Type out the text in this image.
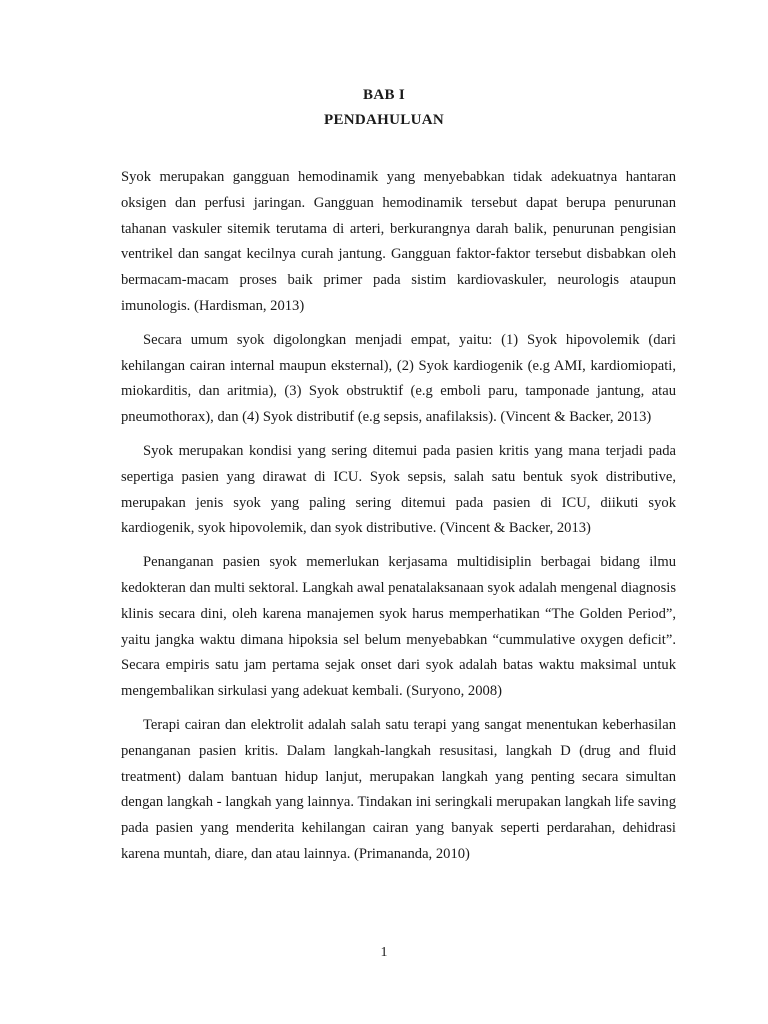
BAB I
PENDAHULUAN

Syok merupakan gangguan hemodinamik yang menyebabkan tidak adekuatnya hantaran oksigen dan perfusi jaringan. Gangguan hemodinamik tersebut dapat berupa penurunan tahanan vaskuler sitemik terutama di arteri, berkurangnya darah balik, penurunan pengisian ventrikel dan sangat kecilnya curah jantung. Gangguan faktor-faktor tersebut disbabkan oleh bermacam-macam proses baik primer pada sistim kardiovaskuler, neurologis ataupun imunologis. (Hardisman, 2013)

Secara umum syok digolongkan menjadi empat, yaitu: (1) Syok hipovolemik (dari kehilangan cairan internal maupun eksternal), (2) Syok kardiogenik (e.g AMI, kardiomiopati, miokarditis, dan aritmia), (3) Syok obstruktif (e.g emboli paru, tamponade jantung, atau pneumothorax), dan (4) Syok distributif (e.g sepsis, anafilaksis). (Vincent & Backer, 2013)

Syok merupakan kondisi yang sering ditemui pada pasien kritis yang mana terjadi pada sepertiga pasien yang dirawat di ICU. Syok sepsis, salah satu bentuk syok distributive, merupakan jenis syok yang paling sering ditemui pada pasien di ICU, diikuti syok kardiogenik, syok hipovolemik, dan syok distributive. (Vincent & Backer, 2013)

Penanganan pasien syok memerlukan kerjasama multidisiplin berbagai bidang ilmu kedokteran dan multi sektoral. Langkah awal penatalaksanaan syok adalah mengenal diagnosis klinis secara dini, oleh karena manajemen syok harus memperhatikan “The Golden Period”, yaitu jangka waktu dimana hipoksia sel belum menyebabkan “cummulative oxygen deficit”. Secara empiris satu jam pertama sejak onset dari syok adalah batas waktu maksimal untuk mengembalikan sirkulasi yang adekuat kembali. (Suryono, 2008)

Terapi cairan dan elektrolit adalah salah satu terapi yang sangat menentukan keberhasilan penanganan pasien kritis. Dalam langkah-langkah resusitasi, langkah D (drug and fluid treatment) dalam bantuan hidup lanjut, merupakan langkah yang penting secara simultan dengan langkah - langkah yang lainnya. Tindakan ini seringkali merupakan langkah life saving pada pasien yang menderita kehilangan cairan yang banyak seperti perdarahan, dehidrasi karena muntah, diare, dan atau lainnya. (Primananda, 2010)

1
